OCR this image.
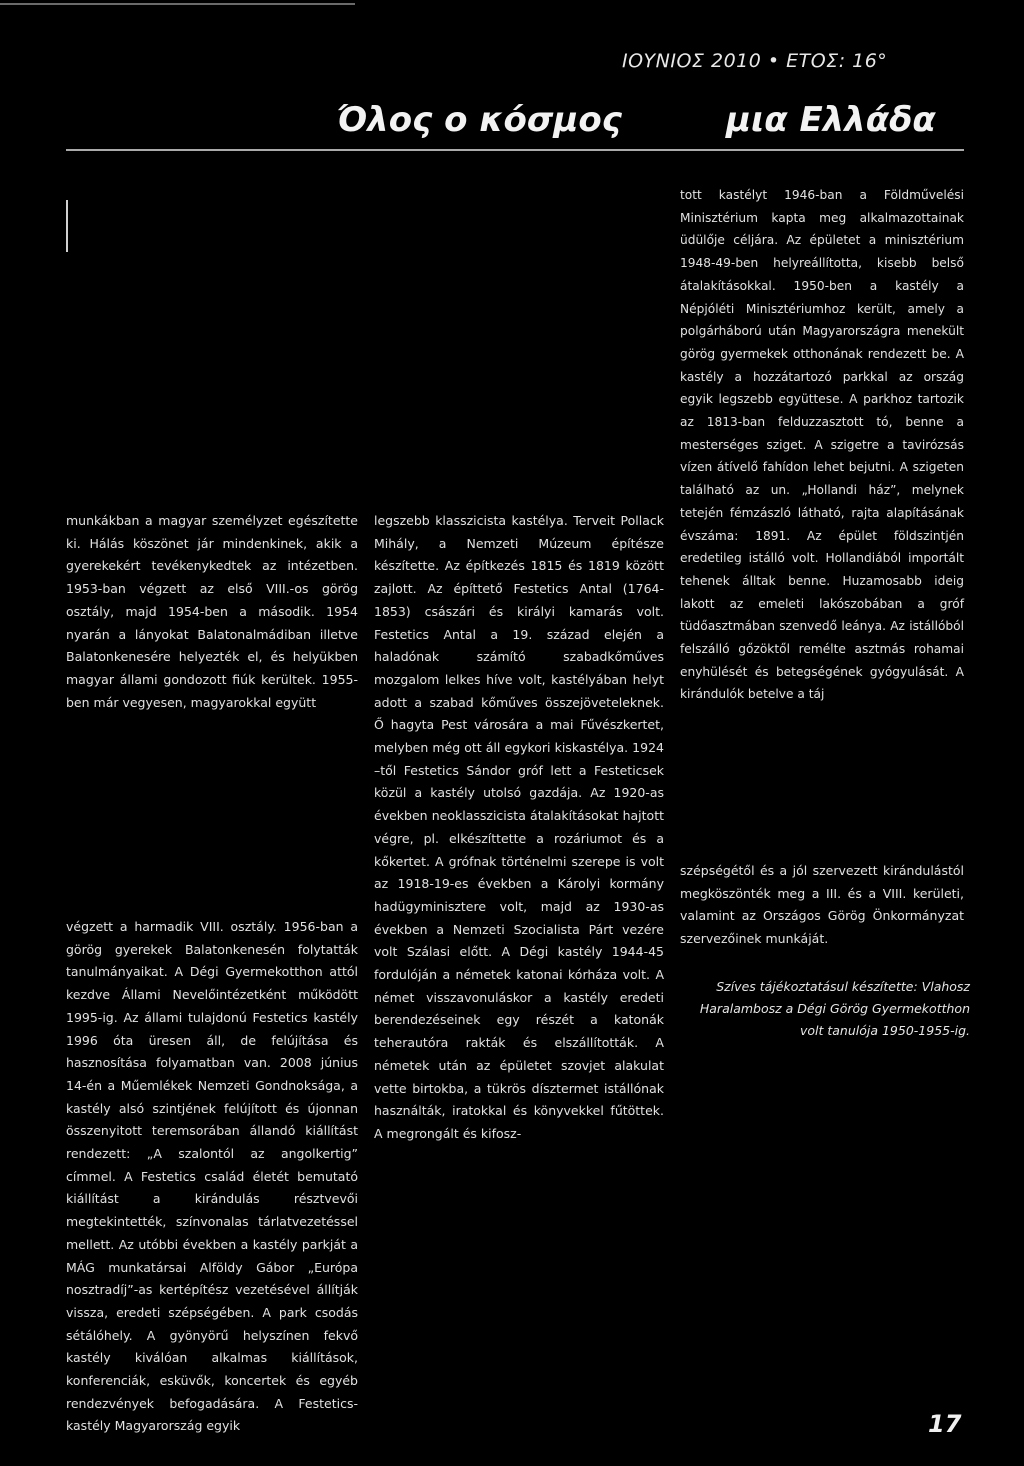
ΙΟΥΝΙΟΣ 2010 • ΕΤΟΣ: 16°
Όλος ο κόσμος	μια Ελλάδα
munkákban a magyar személyzet egészítette ki. Hálás köszönet jár mindenkinek, akik a gyerekekért tevékenykedtek az intézetben. 1953-ban végzett az első VIII.-os görög osztály, majd 1954-ben a második. 1954 nyarán a lányokat Balatonalmádiban illetve Balatonkenesére helyezték el, és helyükben magyar állami gondozott fiúk kerültek. 1955-ben már vegyesen, magyarokkal együtt
végzett a harmadik VIII. osztály. 1956-ban a görög gyerekek Balatonkenesén folytatták tanulmányaikat. A Dégi Gyermekotthon attól kezdve Állami Nevelőintézetként működött 1995-ig. Az állami tulajdonú Festetics kastély 1996 óta üresen áll, de felújítása és hasznosítása folyamatban van. 2008 június 14-én a Műemlékek Nemzeti Gondnoksága, a kastély alsó szintjének felújított és újonnan összenyitott teremsorában állandó kiállítást rendezett: „A szalontól az angolkertig” címmel. A Festetics család életét bemutató kiállítást a kirándulás résztvevői megtekintették, színvonalas tárlatvezetéssel mellett. Az utóbbi években a kastély parkját a MÁG munkatársai Alföldy Gábor „Európa nosztradíj”-as kertépítész vezetésével állítják vissza, eredeti szépségében. A park csodás sétálóhely. A gyönyörű helyszínen fekvő kastély kiválóan alkalmas kiállítások, konferenciák, esküvők, koncertek és egyéb rendezvények befogadására. A Festetics-kastély Magyarország egyik
legszebb klasszicista kastélya. Terveit Pollack Mihály, a Nemzeti Múzeum építésze készítette. Az építkezés 1815 és 1819 között zajlott. Az építtető Festetics Antal (1764-1853) császári és királyi kamarás volt. Festetics Antal a 19. század elején a haladónak számító szabadkőműves mozgalom lelkes híve volt, kastélyában helyt adott a szabad kőműves összejöveteleknek. Ő hagyta Pest városára a mai Fűvészkertet, melyben még ott áll egykori kiskastélya. 1924 –től Festetics Sándor gróf lett a Festeticsek közül a kastély utolsó gazdája. Az 1920-as években neoklasszicista átalakításokat hajtott végre, pl. elkészíttette a rozáriumot és a kőkertet. A grófnak történelmi szerepe is volt az 1918-19-es években a Károlyi kormány hadügyminisztere volt, majd az 1930-as években a Nemzeti Szocialista Párt vezére volt Szálasi előtt. A Dégi kastély 1944-45 fordulóján a németek katonai kórháza volt. A német visszavonuláskor a kastély eredeti berendezéseinek egy részét a katonák teherautóra rakták és elszállították. A németek után az épületet szovjet alakulat vette birtokba, a tükrös dísztermet istállónak használták, iratokkal és könyvekkel fűtöttek. A megrongált és kifosz-
tott kastélyt 1946-ban a Földművelési Minisztérium kapta meg alkalmazottainak üdülője céljára. Az épületet a minisztérium 1948-49-ben helyreállította, kisebb belső átalakításokkal. 1950-ben a kastély a Népjóléti Minisztériumhoz került, amely a polgárháború után Magyarországra menekült görög gyermekek otthonának rendezett be. A kastély a hozzátartozó parkkal az ország egyik legszebb együttese. A parkhoz tartozik az 1813-ban felduzzasztott tó, benne a mesterséges sziget. A szigetre a tavirózsás vízen átívelő fahídon lehet bejutni. A szigeten található az un. „Hollandi ház”, melynek tetején fémzászló látható, rajta alapításának évszáma: 1891. Az épület földszintjén eredetileg istálló volt. Hollandiából importált tehenek álltak benne. Huzamosabb ideig lakott az emeleti lakószobában a gróf tüdőasztmában szenvedő leánya. Az istállóból felszálló gőzöktől remélte asztmás rohamai enyhülését és betegségének gyógyulását. A kirándulók betelve a táj
szépségétől és a jól szervezett kirándulástól megköszönték meg a III. és a VIII. kerületi, valamint az Országos Görög Önkormányzat szervezőinek munkáját.
Szíves tájékoztatásul készítette: Vlahosz Haralambosz a Dégi Görög Gyermekotthon volt tanulója 1950-1955-ig.
17
